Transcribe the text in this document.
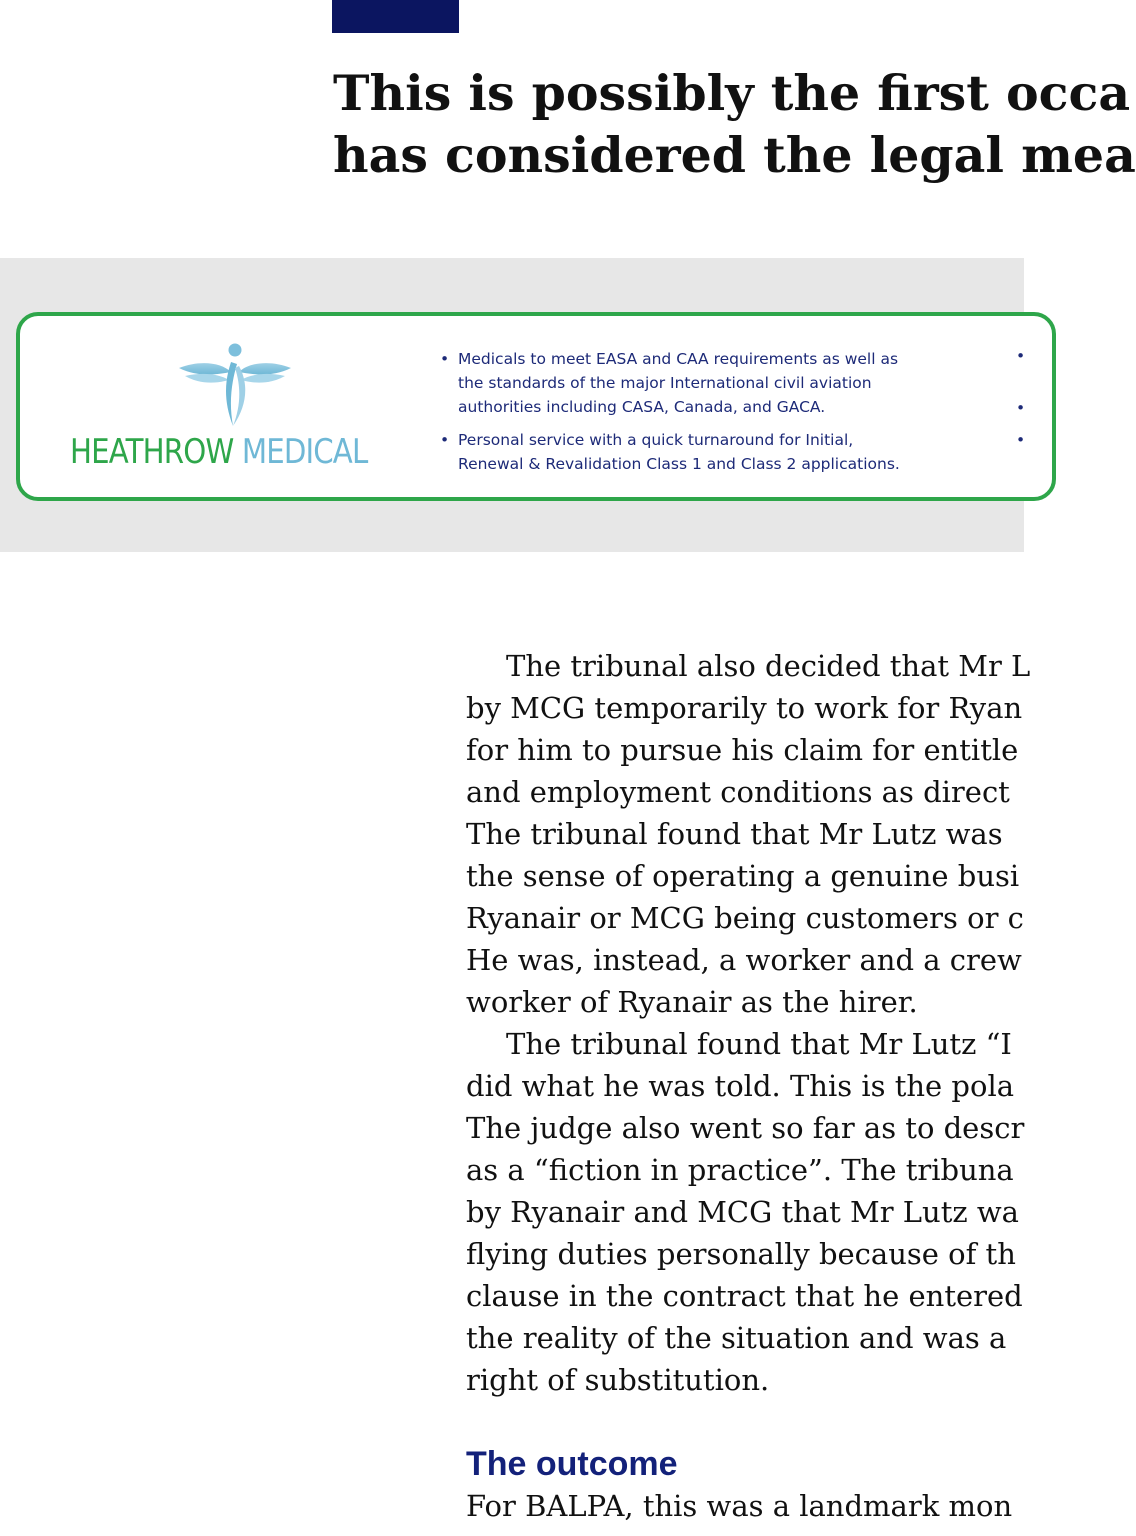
This is possibly the first occa
has considered the legal mea
HEATHROW MEDICAL
• Medicals to meet EASA and CAA requirements as well as
the standards of the major International civil aviation
authorities including CASA, Canada, and GACA.
• Personal service with a quick turnaround for Initial,
Renewal & Revalidation Class 1 and Class 2 applications.
•
•
•
The tribunal also decided that Mr L
by MCG temporarily to work for Ryan
for him to pursue his claim for entitle
and employment conditions as direct
The tribunal found that Mr Lutz was
the sense of operating a genuine busi
Ryanair or MCG being customers or c
He was, instead, a worker and a crew
worker of Ryanair as the hirer.
The tribunal found that Mr Lutz “I
did what he was told. This is the pola
The judge also went so far as to descr
as a “fiction in practice”. The tribuna
by Ryanair and MCG that Mr Lutz wa
flying duties personally because of th
clause in the contract that he entered
the reality of the situation and was a
right of substitution.
The outcome
For BALPA, this was a landmark mon
